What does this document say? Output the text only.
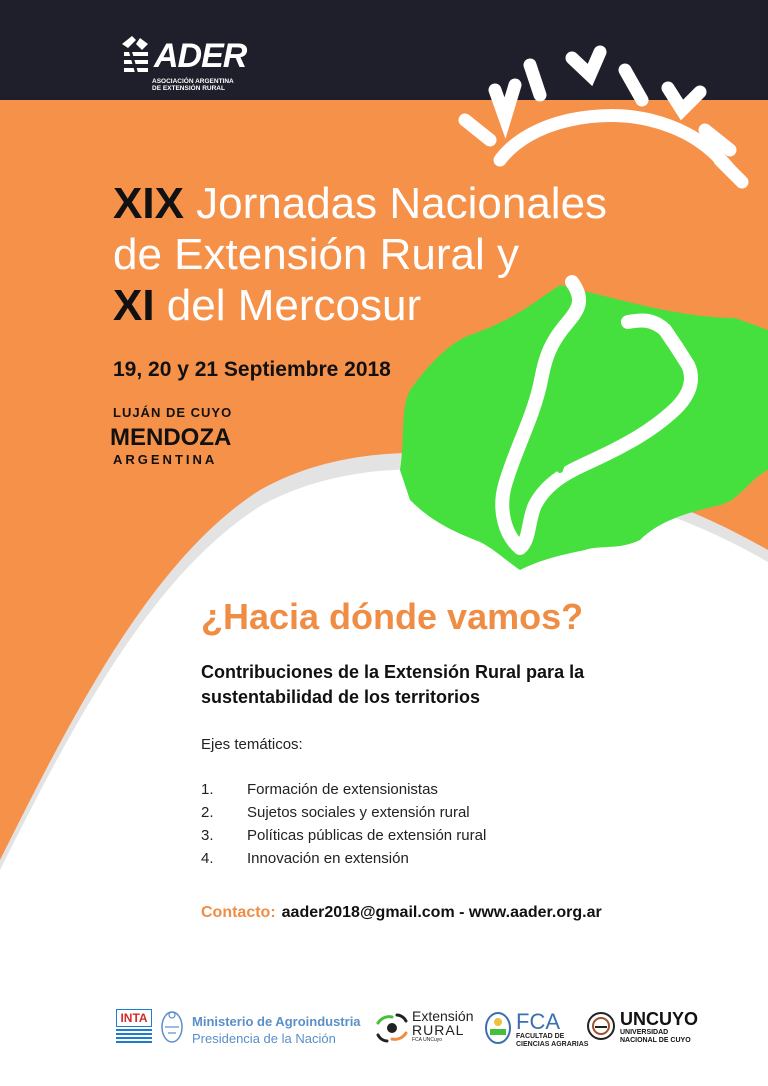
ADER
ASOCIACIÓN ARGENTINA
DE EXTENSIÓN RURAL
XIX Jornadas Nacionales
de Extensión Rural y
XI del Mercosur
19, 20 y 21 Septiembre 2018
LUJÁN DE CUYO
MENDOZA
ARGENTINA
¿Hacia dónde vamos?
Contribuciones de la Extensión Rural para la sustentabilidad de los territorios
Ejes temáticos:
1.	Formación de extensionistas
2.	Sujetos sociales y extensión rural
3.	Políticas públicas de extensión rural
4.	Innovación en extensión
Contacto: aader2018@gmail.com - www.aader.org.ar
INTA	Ministerio de Agroindustria
Presidencia de la Nación
Extensión
RURAL
FCA UNCuyo
FCA
FACULTAD DE
CIENCIAS AGRARIAS
UNCUYO
UNIVERSIDAD
NACIONAL DE CUYO
